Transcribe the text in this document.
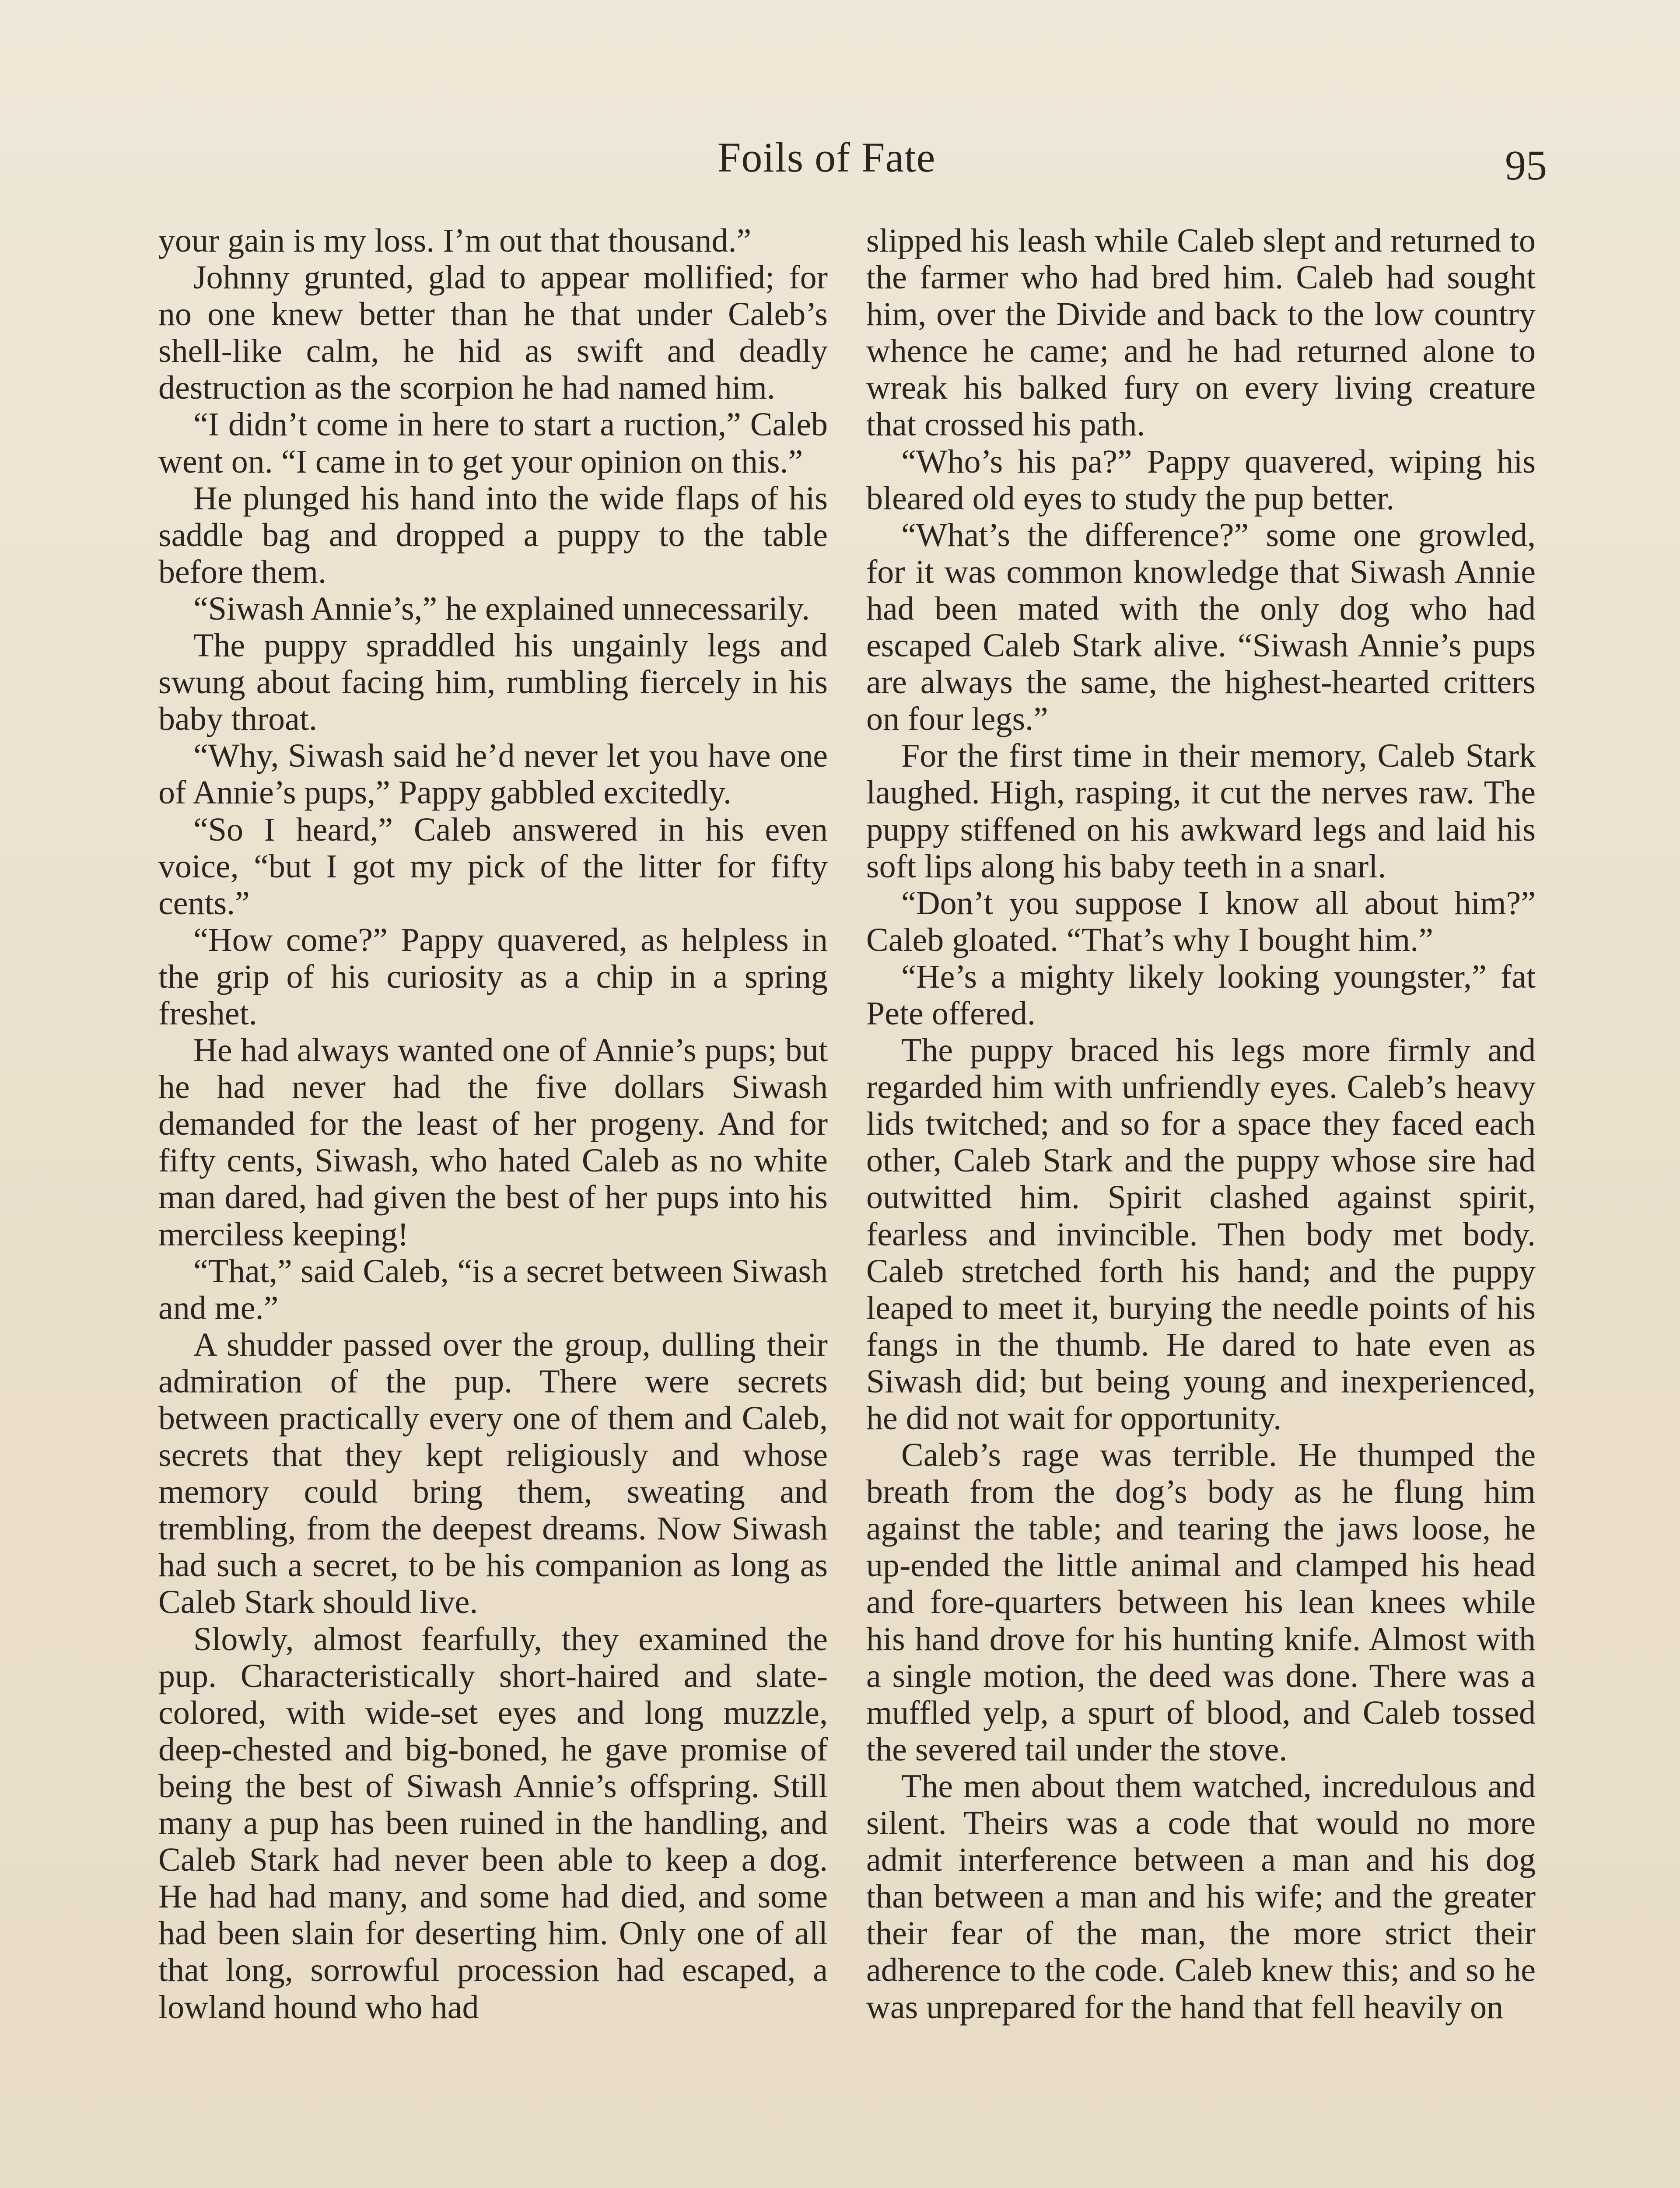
Foils of Fate	95

your gain is my loss. I’m out that thousand.”

Johnny grunted, glad to appear mollified; for no one knew better than he that under Caleb’s shell-like calm, he hid as swift and deadly destruction as the scorpion he had named him.

“I didn’t come in here to start a ruction,” Caleb went on. “I came in to get your opinion on this.”

He plunged his hand into the wide flaps of his saddle bag and dropped a puppy to the table before them.

“Siwash Annie’s,” he explained unnecessarily.

The puppy spraddled his ungainly legs and swung about facing him, rumbling fiercely in his baby throat.

“Why, Siwash said he’d never let you have one of Annie’s pups,” Pappy gabbled excitedly.

“So I heard,” Caleb answered in his even voice, “but I got my pick of the litter for fifty cents.”

“How come?” Pappy quavered, as helpless in the grip of his curiosity as a chip in a spring freshet.

He had always wanted one of Annie’s pups; but he had never had the five dollars Siwash demanded for the least of her progeny. And for fifty cents, Siwash, who hated Caleb as no white man dared, had given the best of her pups into his merciless keeping!

“That,” said Caleb, “is a secret between Siwash and me.”

A shudder passed over the group, dulling their admiration of the pup. There were secrets between practically every one of them and Caleb, secrets that they kept religiously and whose memory could bring them, sweating and trembling, from the deepest dreams. Now Siwash had such a secret, to be his companion as long as Caleb Stark should live.

Slowly, almost fearfully, they examined the pup. Characteristically short-haired and slate-colored, with wide-set eyes and long muzzle, deep-chested and big-boned, he gave promise of being the best of Siwash Annie’s offspring. Still many a pup has been ruined in the handling, and Caleb Stark had never been able to keep a dog. He had had many, and some had died, and some had been slain for deserting him. Only one of all that long, sorrowful procession had escaped, a lowland hound who had

slipped his leash while Caleb slept and returned to the farmer who had bred him. Caleb had sought him, over the Divide and back to the low country whence he came; and he had returned alone to wreak his balked fury on every living creature that crossed his path.

“Who’s his pa?” Pappy quavered, wiping his bleared old eyes to study the pup better.

“What’s the difference?” some one growled, for it was common knowledge that Siwash Annie had been mated with the only dog who had escaped Caleb Stark alive. “Siwash Annie’s pups are always the same, the highest-hearted critters on four legs.”

For the first time in their memory, Caleb Stark laughed. High, rasping, it cut the nerves raw. The puppy stiffened on his awkward legs and laid his soft lips along his baby teeth in a snarl.

“Don’t you suppose I know all about him?” Caleb gloated. “That’s why I bought him.”

“He’s a mighty likely looking youngster,” fat Pete offered.

The puppy braced his legs more firmly and regarded him with unfriendly eyes. Caleb’s heavy lids twitched; and so for a space they faced each other, Caleb Stark and the puppy whose sire had outwitted him. Spirit clashed against spirit, fearless and invincible. Then body met body. Caleb stretched forth his hand; and the puppy leaped to meet it, burying the needle points of his fangs in the thumb. He dared to hate even as Siwash did; but being young and inexperienced, he did not wait for opportunity.

Caleb’s rage was terrible. He thumped the breath from the dog’s body as he flung him against the table; and tearing the jaws loose, he up-ended the little animal and clamped his head and fore-quarters between his lean knees while his hand drove for his hunting knife. Almost with a single motion, the deed was done. There was a muffled yelp, a spurt of blood, and Caleb tossed the severed tail under the stove.

The men about them watched, incredulous and silent. Theirs was a code that would no more admit interference between a man and his dog than between a man and his wife; and the greater their fear of the man, the more strict their adherence to the code. Caleb knew this; and so he was unprepared for the hand that fell heavily on
